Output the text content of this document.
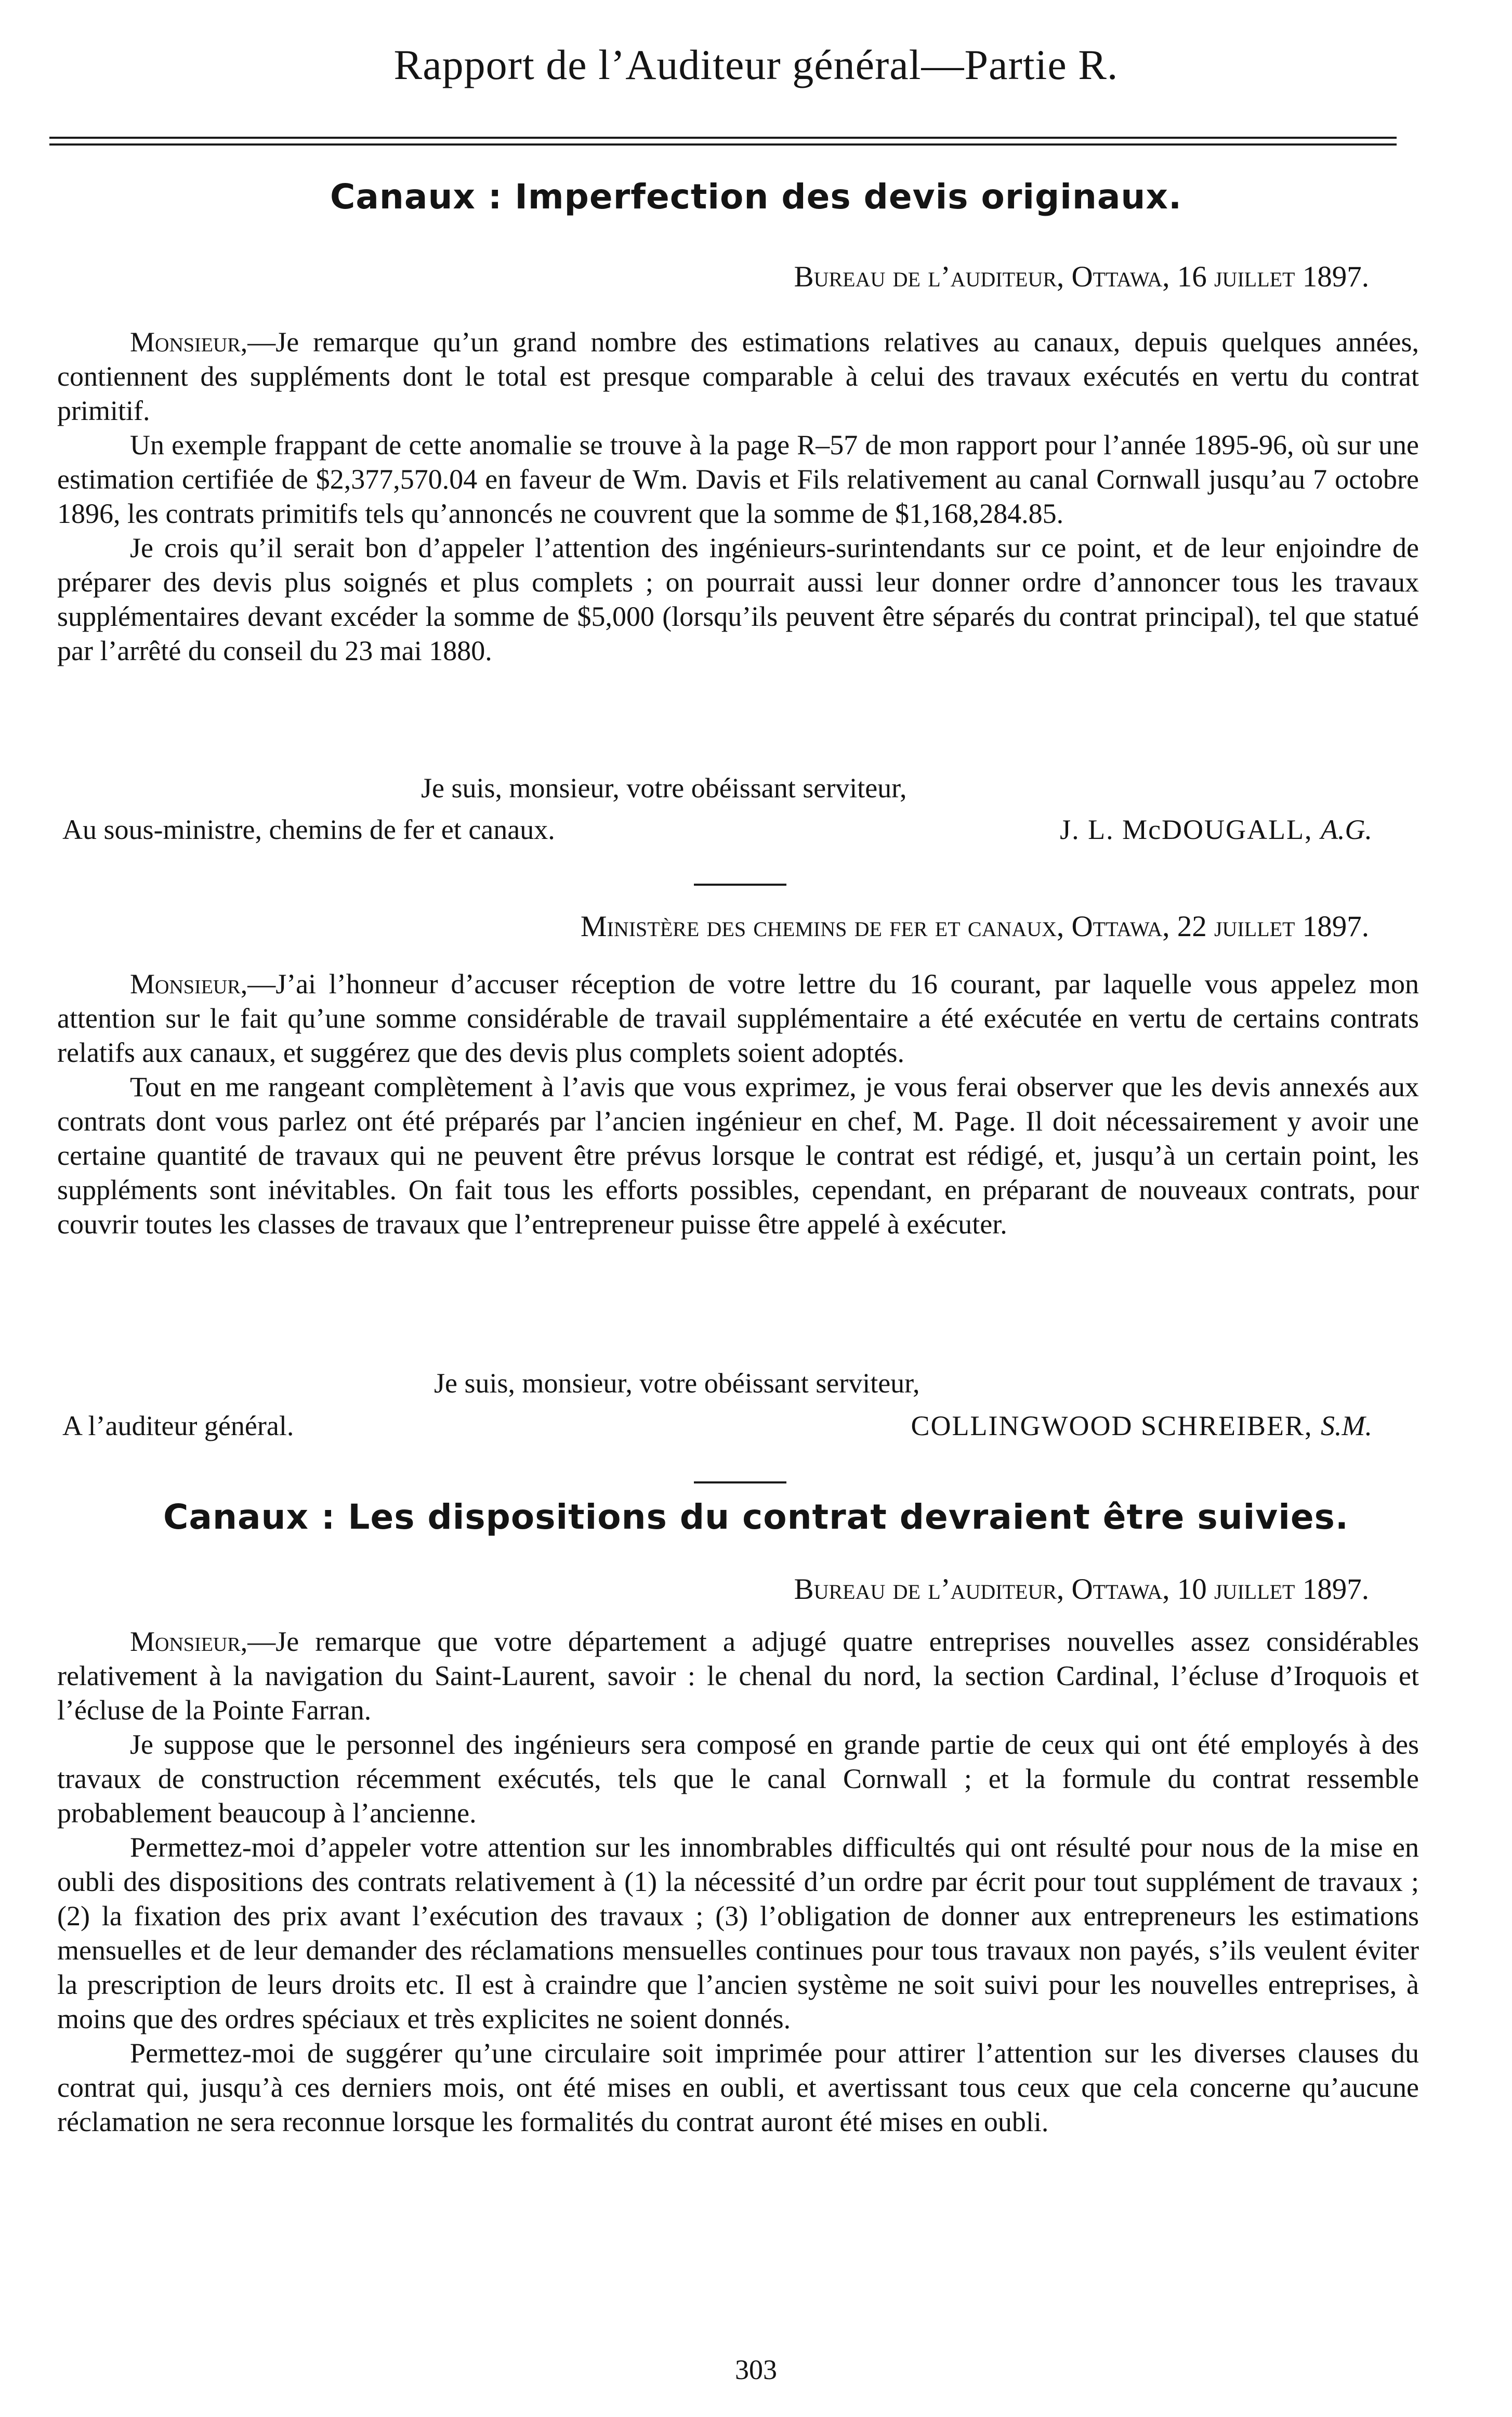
Rapport de l’Auditeur général—Partie R.
Canaux : Imperfection des devis originaux.
Bureau de l’auditeur, Ottawa, 16 juillet 1897.

Monsieur,—Je remarque qu’un grand nombre des estimations relatives au canaux, depuis quelques années, contiennent des suppléments dont le total est presque comparable à celui des travaux exécutés en vertu du contrat primitif.

Un exemple frappant de cette anomalie se trouve à la page R–57 de mon rapport pour l’année 1895-96, où sur une estimation certifiée de $2,377,570.04 en faveur de Wm. Davis et Fils relativement au canal Cornwall jusqu’au 7 octobre 1896, les contrats primitifs tels qu’annoncés ne couvrent que la somme de $1,168,284.85.

Je crois qu’il serait bon d’appeler l’attention des ingénieurs-surintendants sur ce point, et de leur enjoindre de préparer des devis plus soignés et plus complets ; on pourrait aussi leur donner ordre d’annoncer tous les travaux supplémentaires devant excéder la somme de $5,000 (lorsqu’ils peuvent être séparés du contrat principal), tel que statué par l’arrêté du conseil du 23 mai 1880.

Je suis, monsieur, votre obéissant serviteur,
Au sous-ministre, chemins de fer et canaux.	J. L. McDOUGALL, A.G.
Ministère des chemins de fer et canaux, Ottawa, 22 juillet 1897.

Monsieur,—J’ai l’honneur d’accuser réception de votre lettre du 16 courant, par laquelle vous appelez mon attention sur le fait qu’une somme considérable de travail supplémentaire a été exécutée en vertu de certains contrats relatifs aux canaux, et suggérez que des devis plus complets soient adoptés.

Tout en me rangeant complètement à l’avis que vous exprimez, je vous ferai observer que les devis annexés aux contrats dont vous parlez ont été préparés par l’ancien ingénieur en chef, M. Page. Il doit nécessairement y avoir une certaine quantité de travaux qui ne peuvent être prévus lorsque le contrat est rédigé, et, jusqu’à un certain point, les suppléments sont inévitables. On fait tous les efforts possibles, cependant, en préparant de nouveaux contrats, pour couvrir toutes les classes de travaux que l’entrepreneur puisse être appelé à exécuter.

Je suis, monsieur, votre obéissant serviteur,
A l’auditeur général.	COLLINGWOOD SCHREIBER, S.M.
Canaux : Les dispositions du contrat devraient être suivies.
Bureau de l’auditeur, Ottawa, 10 juillet 1897.

Monsieur,—Je remarque que votre département a adjugé quatre entreprises nouvelles assez considérables relativement à la navigation du Saint-Laurent, savoir : le chenal du nord, la section Cardinal, l’écluse d’Iroquois et l’écluse de la Pointe Farran.

Je suppose que le personnel des ingénieurs sera composé en grande partie de ceux qui ont été employés à des travaux de construction récemment exécutés, tels que le canal Cornwall ; et la formule du contrat ressemble probablement beaucoup à l’ancienne.

Permettez-moi d’appeler votre attention sur les innombrables difficultés qui ont résulté pour nous de la mise en oubli des dispositions des contrats relativement à (1) la nécessité d’un ordre par écrit pour tout supplément de travaux ; (2) la fixation des prix avant l’exécution des travaux ; (3) l’obligation de donner aux entrepreneurs les estimations mensuelles et de leur demander des réclamations mensuelles continues pour tous travaux non payés, s’ils veulent éviter la prescription de leurs droits etc. Il est à craindre que l’ancien système ne soit suivi pour les nouvelles entreprises, à moins que des ordres spéciaux et très explicites ne soient donnés.

Permettez-moi de suggérer qu’une circulaire soit imprimée pour attirer l’attention sur les diverses clauses du contrat qui, jusqu’à ces derniers mois, ont été mises en oubli, et avertissant tous ceux que cela concerne qu’aucune réclamation ne sera reconnue lorsque les formalités du contrat auront été mises en oubli.

303
